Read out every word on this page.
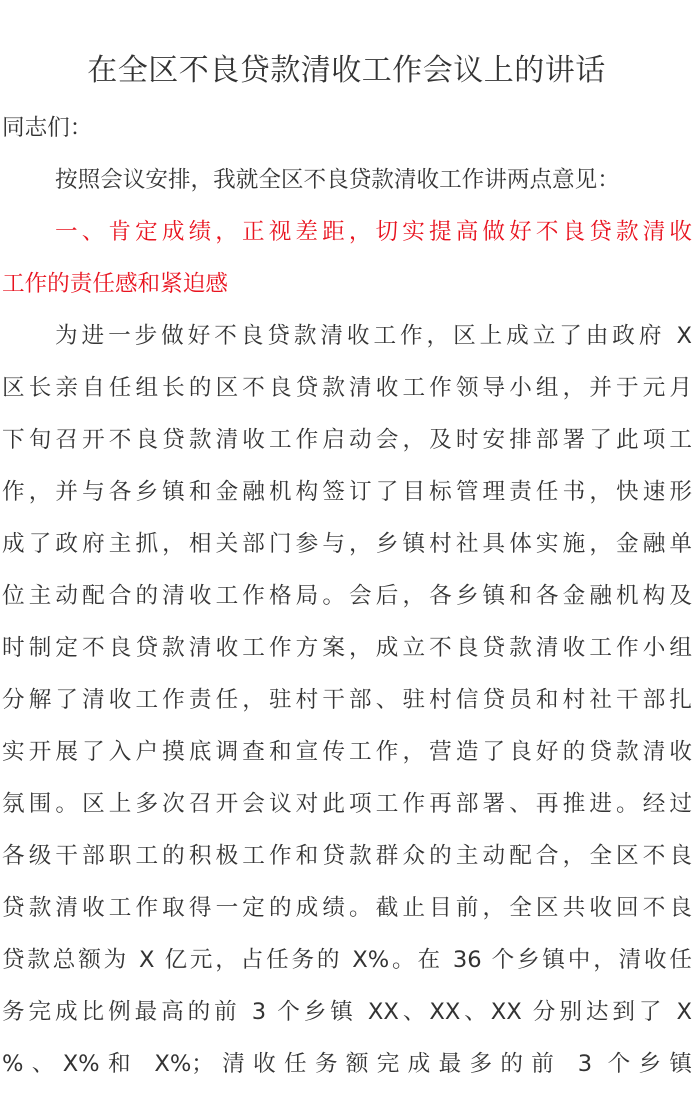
在全区不良贷款清收工作会议上的讲话
同志们：
按照会议安排，我就全区不良贷款清收工作讲两点意见：
一、肯定成绩，正视差距，切实提高做好不良贷款清收
工作的责任感和紧迫感
为进一步做好不良贷款清收工作，区上成立了由政府 X
区长亲自任组长的区不良贷款清收工作领导小组，并于元月
下旬召开不良贷款清收工作启动会，及时安排部署了此项工
作，并与各乡镇和金融机构签订了目标管理责任书，快速形
成了政府主抓，相关部门参与，乡镇村社具体实施，金融单
位主动配合的清收工作格局。会后，各乡镇和各金融机构及
时制定不良贷款清收工作方案，成立不良贷款清收工作小组
分解了清收工作责任，驻村干部、驻村信贷员和村社干部扎
实开展了入户摸底调查和宣传工作，营造了良好的贷款清收
氛围。区上多次召开会议对此项工作再部署、再推进。经过
各级干部职工的积极工作和贷款群众的主动配合，全区不良
贷款清收工作取得一定的成绩。截止目前，全区共收回不良
贷款总额为 X 亿元，占任务的 X%。在 36 个乡镇中，清收任
务完成比例最高的前 3 个乡镇 XX、XX、XX 分别达到了 X
%、X%和 X%；清收任务额完成最多的前 3 个乡镇
